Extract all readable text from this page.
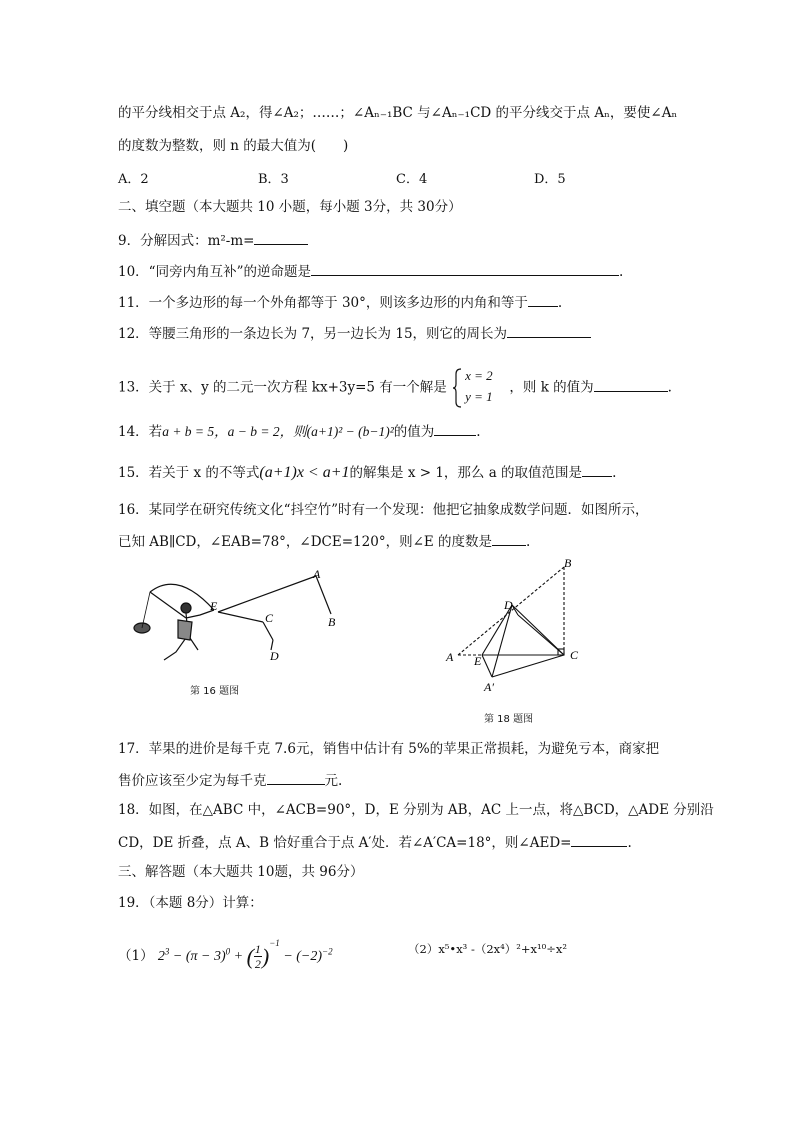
的平分线相交于点 A₂，得∠A₂；……；∠Aₙ₋₁BC 与∠Aₙ₋₁CD 的平分线交于点 Aₙ，要使∠Aₙ
的度数为整数，则 n 的最大值为(　　)
A．2	B．3	C．4	D．5
二、填空题（本大题共 10 小题，每小题 3分，共 30分）
9．分解因式：m²-m=
10．“同旁内角互补”的逆命题是	.
11．一个多边形的每一个外角都等于 30°，则该多边形的内角和等于 .
12．等腰三角形的一条边长为 7，另一边长为 15，则它的周长为
13．关于 x、y 的二元一次方程 kx+3y=5 有一个解是
x = 2
y = 1
，则 k 的值为	.
14．若a + b = 5，a − b = 2，则(a+1)² − (b−1)²的值为	.
15．若关于 x 的不等式(a+1)x < a+1的解集是 x > 1，那么 a 的取值范围是 .
16．某同学在研究传统文化“抖空竹”时有一个发现：他把它抽象成数学问题．如图所示，
已知 AB∥CD，∠EAB=78°，∠DCE=120°，则∠E 的度数是	.
A
B
C
D
E
第 16 题图
B
D
A E	C
A′
第 18 题图
17．苹果的进价是每千克 7.6元，销售中估计有 5%的苹果正常损耗，为避免亏本，商家把
售价应该至少定为每千克	元.
18．如图，在△ABC 中，∠ACB=90°，D，E 分别为 AB，AC 上一点，将△BCD，△ADE 分别沿
CD，DE 折叠，点 A、B 恰好重合于点 A′处．若∠A′CA=18°，则∠AED=	.
三、解答题（本大题共 10题，共 96分）
19．（本题 8分）计算：
（1） $2^3 - (\pi - 3)^0$ + ( $\frac{1}{2} )^{-1} - (-2)^{-2}$	（2）x⁵•x³ -（2x⁴）²+x¹⁰÷x²
